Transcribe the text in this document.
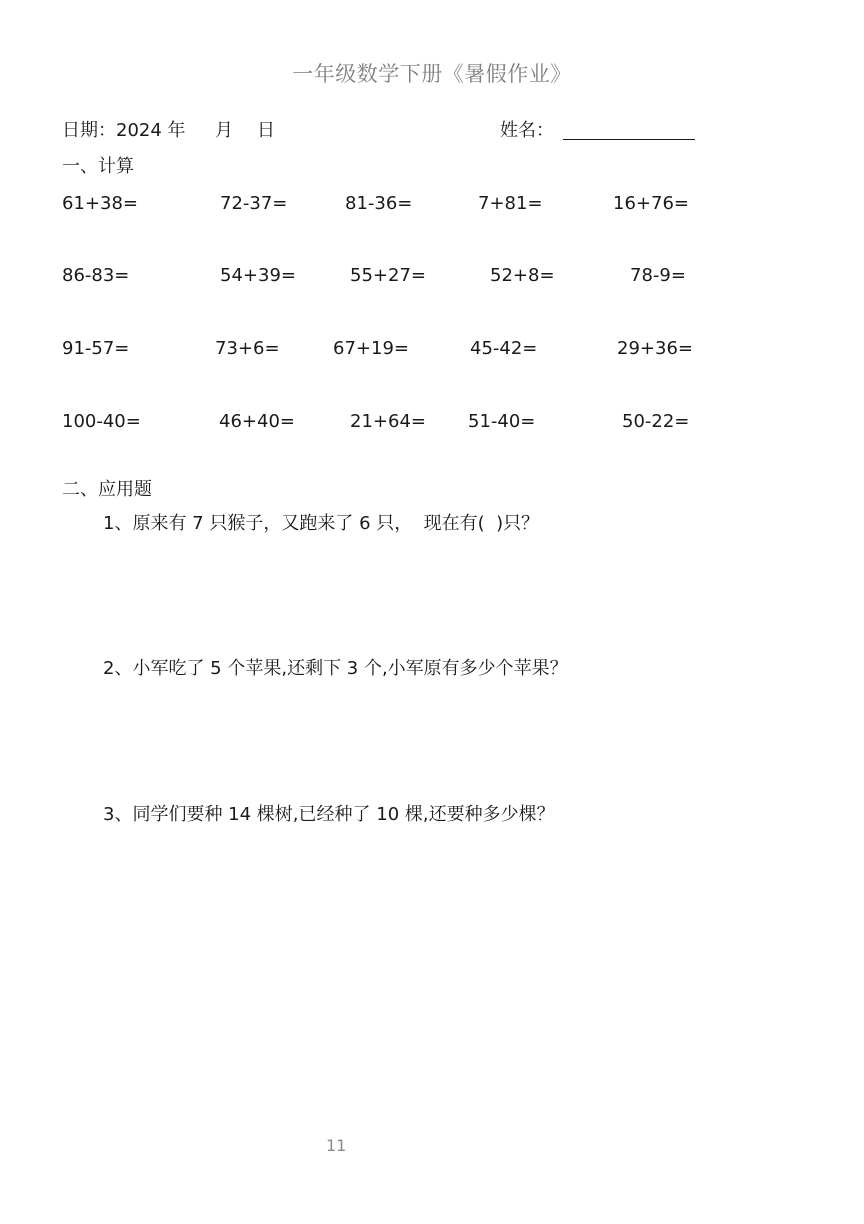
一年级数学下册《暑假作业》
日期：2024 年 月 日	姓名：
一、计算
61+38=	72-37=	81-36=	7+81=	16+76=
86-83=	54+39=	55+27=	52+8=	78-9=
91-57=	73+6=	67+19=	45-42=	29+36=
100-40=	46+40=	21+64= 51-40=	50-22=
二、应用题
1、原来有 7 只猴子，又跑来了 6 只，  现在有(  )只？
2、小军吃了 5 个苹果,还剩下 3 个,小军原有多少个苹果？
3、同学们要种 14 棵树,已经种了 10 棵,还要种多少棵？
11
